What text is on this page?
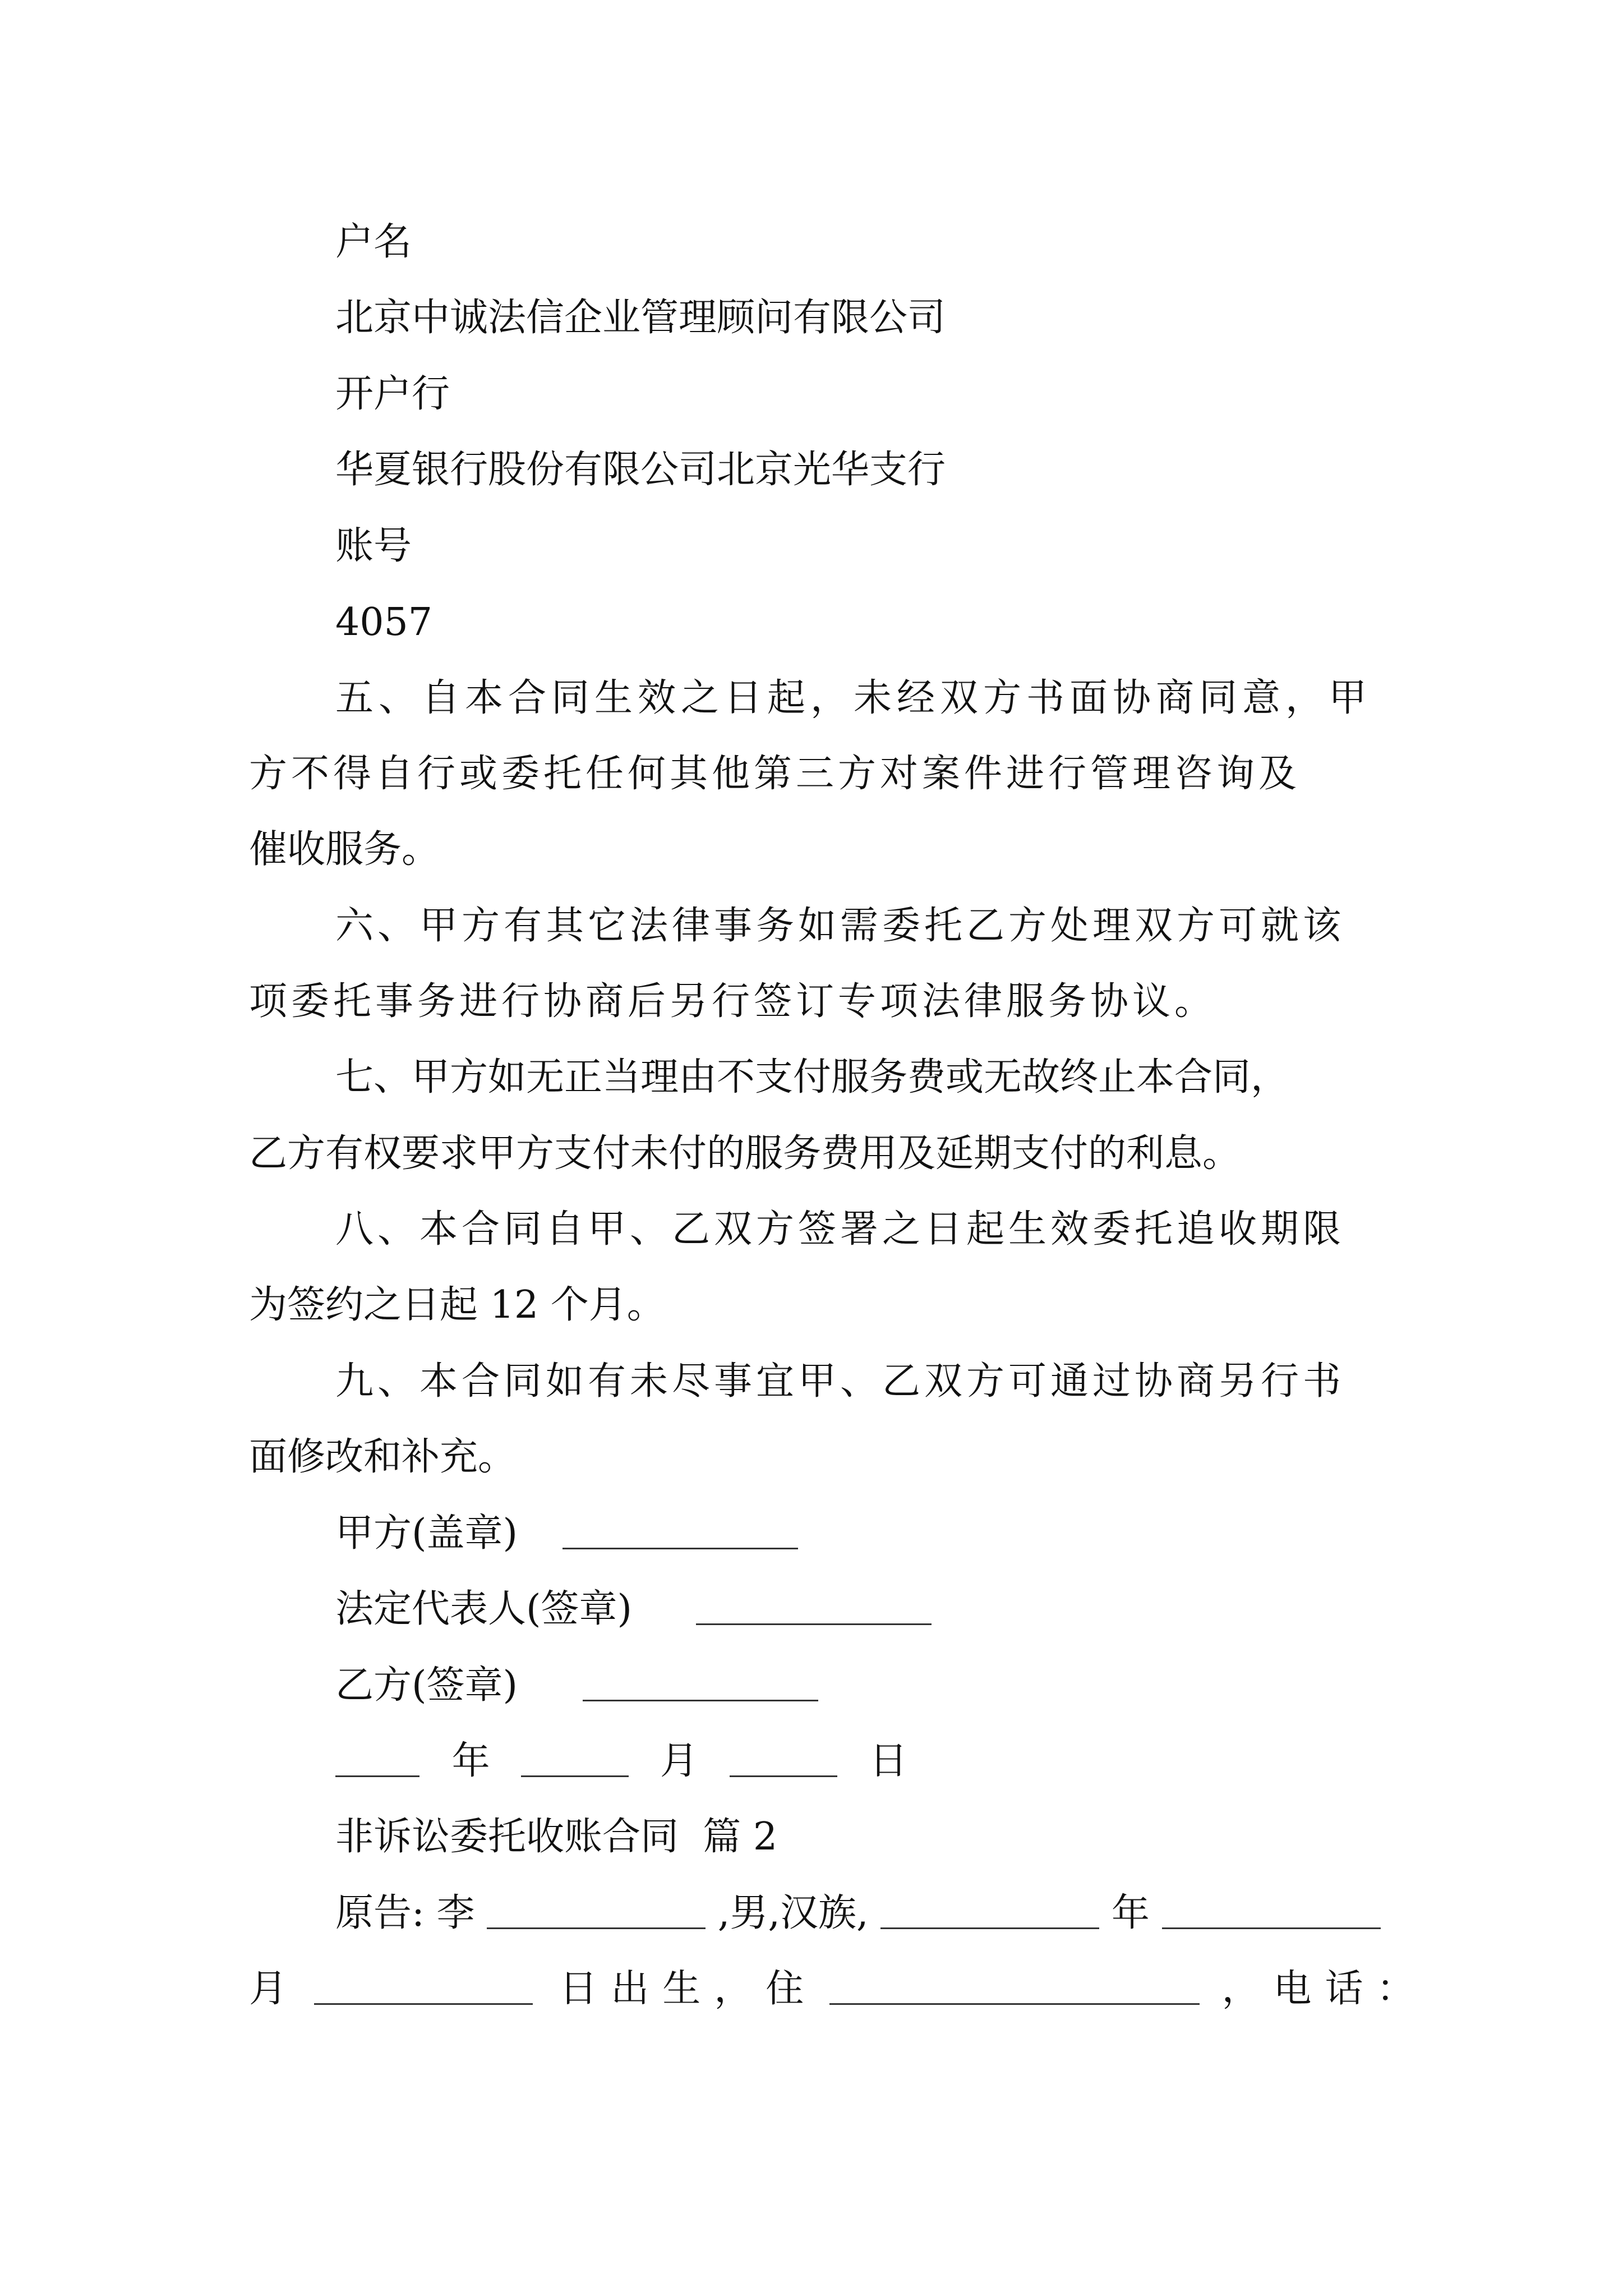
户名
北京中诚法信企业管理顾问有限公司
开户行
华夏银行股份有限公司北京光华支行
账号
4057
五、自本合同生效之日起，未经双方书面协商同意，甲
方不得自行或委托任何其他第三方对案件进行管理咨询及
催收服务。
六、甲方有其它法律事务如需委托乙方处理双方可就该
项委托事务进行协商后另行签订专项法律服务协议。
七、甲方如无正当理由不支付服务费或无故终止本合同，
乙方有权要求甲方支付未付的服务费用及延期支付的利息。
八、本合同自甲、乙双方签署之日起生效委托追收期限
为签约之日起 12 个月。
九、本合同如有未尽事宜甲、乙双方可通过协商另行书
面修改和补充。
甲方(盖章)
法定代表人(签章)
乙方(签章)
年	月	日
非诉讼委托收账合同  篇 2
原告: 李	,男,汉族,	年
月	日出生，住	，电话：
